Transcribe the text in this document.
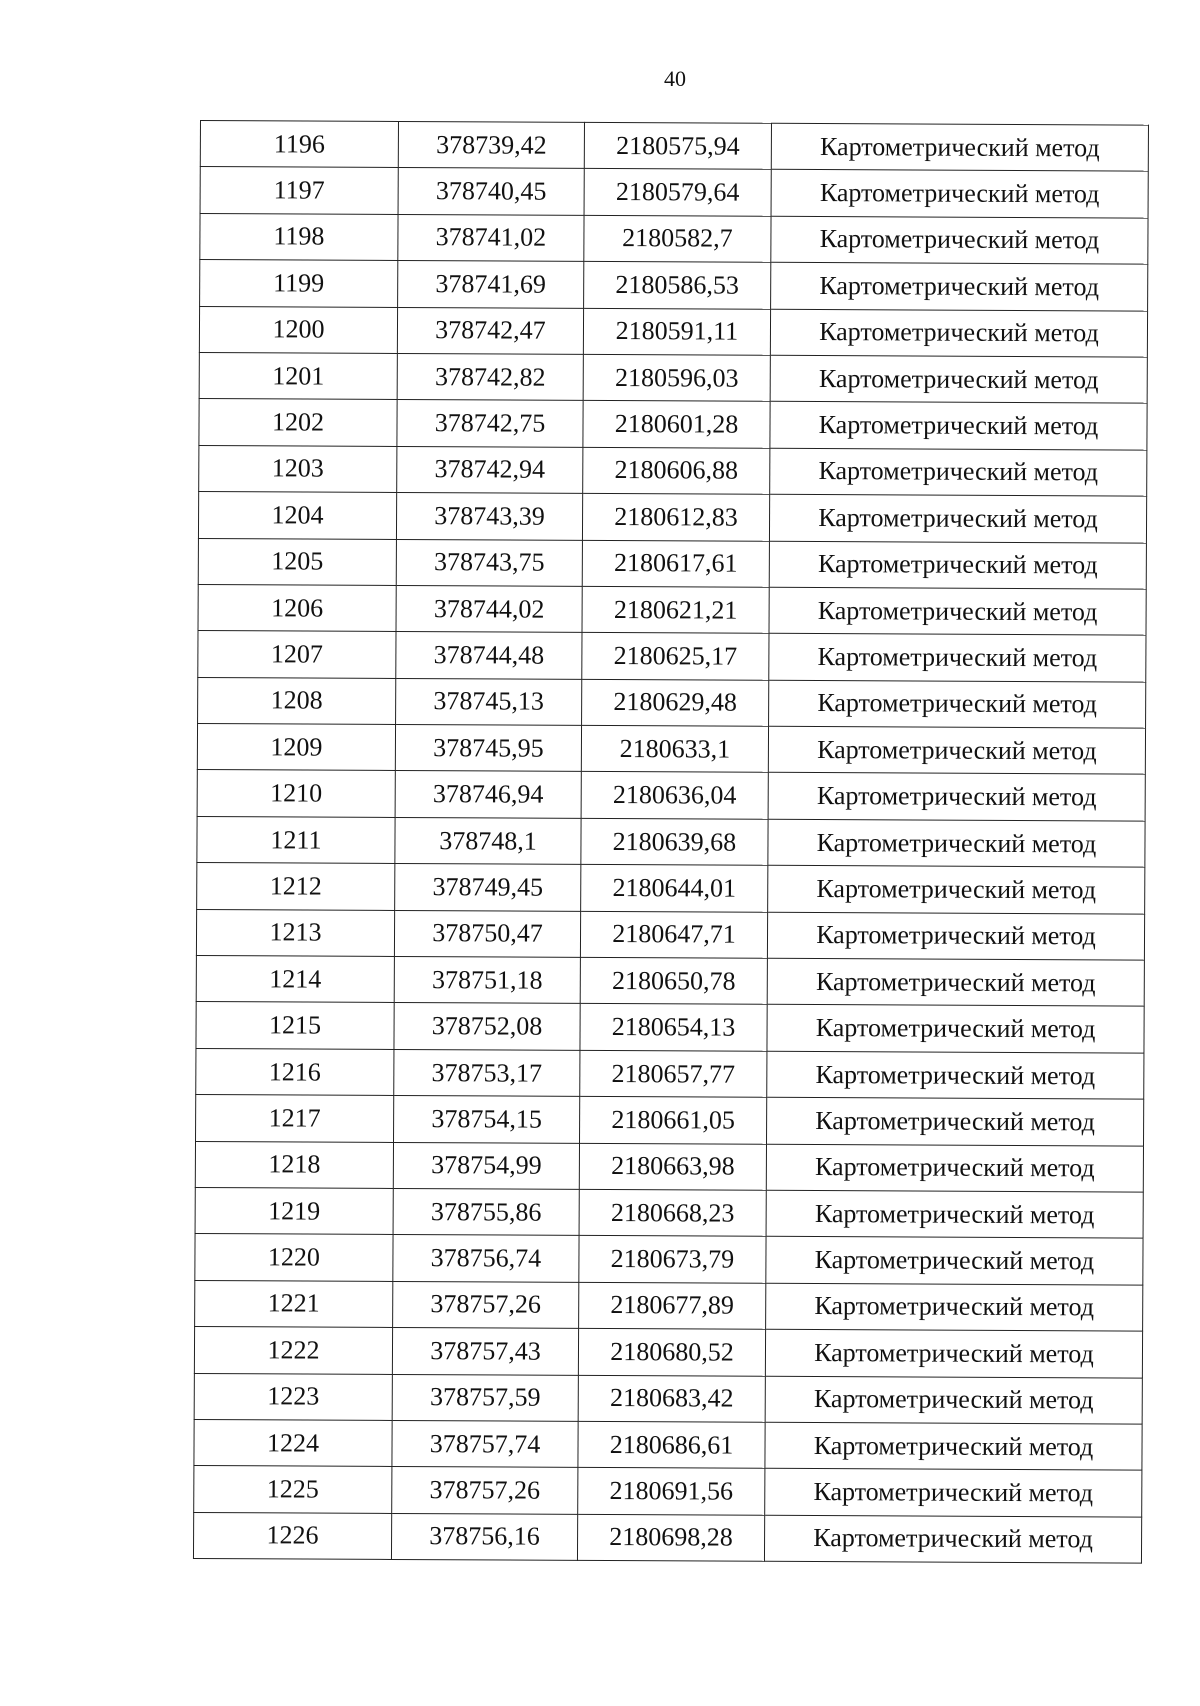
40
1196	378739,42	2180575,94	Картометрический метод
1197	378740,45	2180579,64	Картометрический метод
1198	378741,02	2180582,7	Картометрический метод
1199	378741,69	2180586,53	Картометрический метод
1200	378742,47	2180591,11	Картометрический метод
1201	378742,82	2180596,03	Картометрический метод
1202	378742,75	2180601,28	Картометрический метод
1203	378742,94	2180606,88	Картометрический метод
1204	378743,39	2180612,83	Картометрический метод
1205	378743,75	2180617,61	Картометрический метод
1206	378744,02	2180621,21	Картометрический метод
1207	378744,48	2180625,17	Картометрический метод
1208	378745,13	2180629,48	Картометрический метод
1209	378745,95	2180633,1	Картометрический метод
1210	378746,94	2180636,04	Картометрический метод
1211	378748,1	2180639,68	Картометрический метод
1212	378749,45	2180644,01	Картометрический метод
1213	378750,47	2180647,71	Картометрический метод
1214	378751,18	2180650,78	Картометрический метод
1215	378752,08	2180654,13	Картометрический метод
1216	378753,17	2180657,77	Картометрический метод
1217	378754,15	2180661,05	Картометрический метод
1218	378754,99	2180663,98	Картометрический метод
1219	378755,86	2180668,23	Картометрический метод
1220	378756,74	2180673,79	Картометрический метод
1221	378757,26	2180677,89	Картометрический метод
1222	378757,43	2180680,52	Картометрический метод
1223	378757,59	2180683,42	Картометрический метод
1224	378757,74	2180686,61	Картометрический метод
1225	378757,26	2180691,56	Картометрический метод
1226	378756,16	2180698,28	Картометрический метод
